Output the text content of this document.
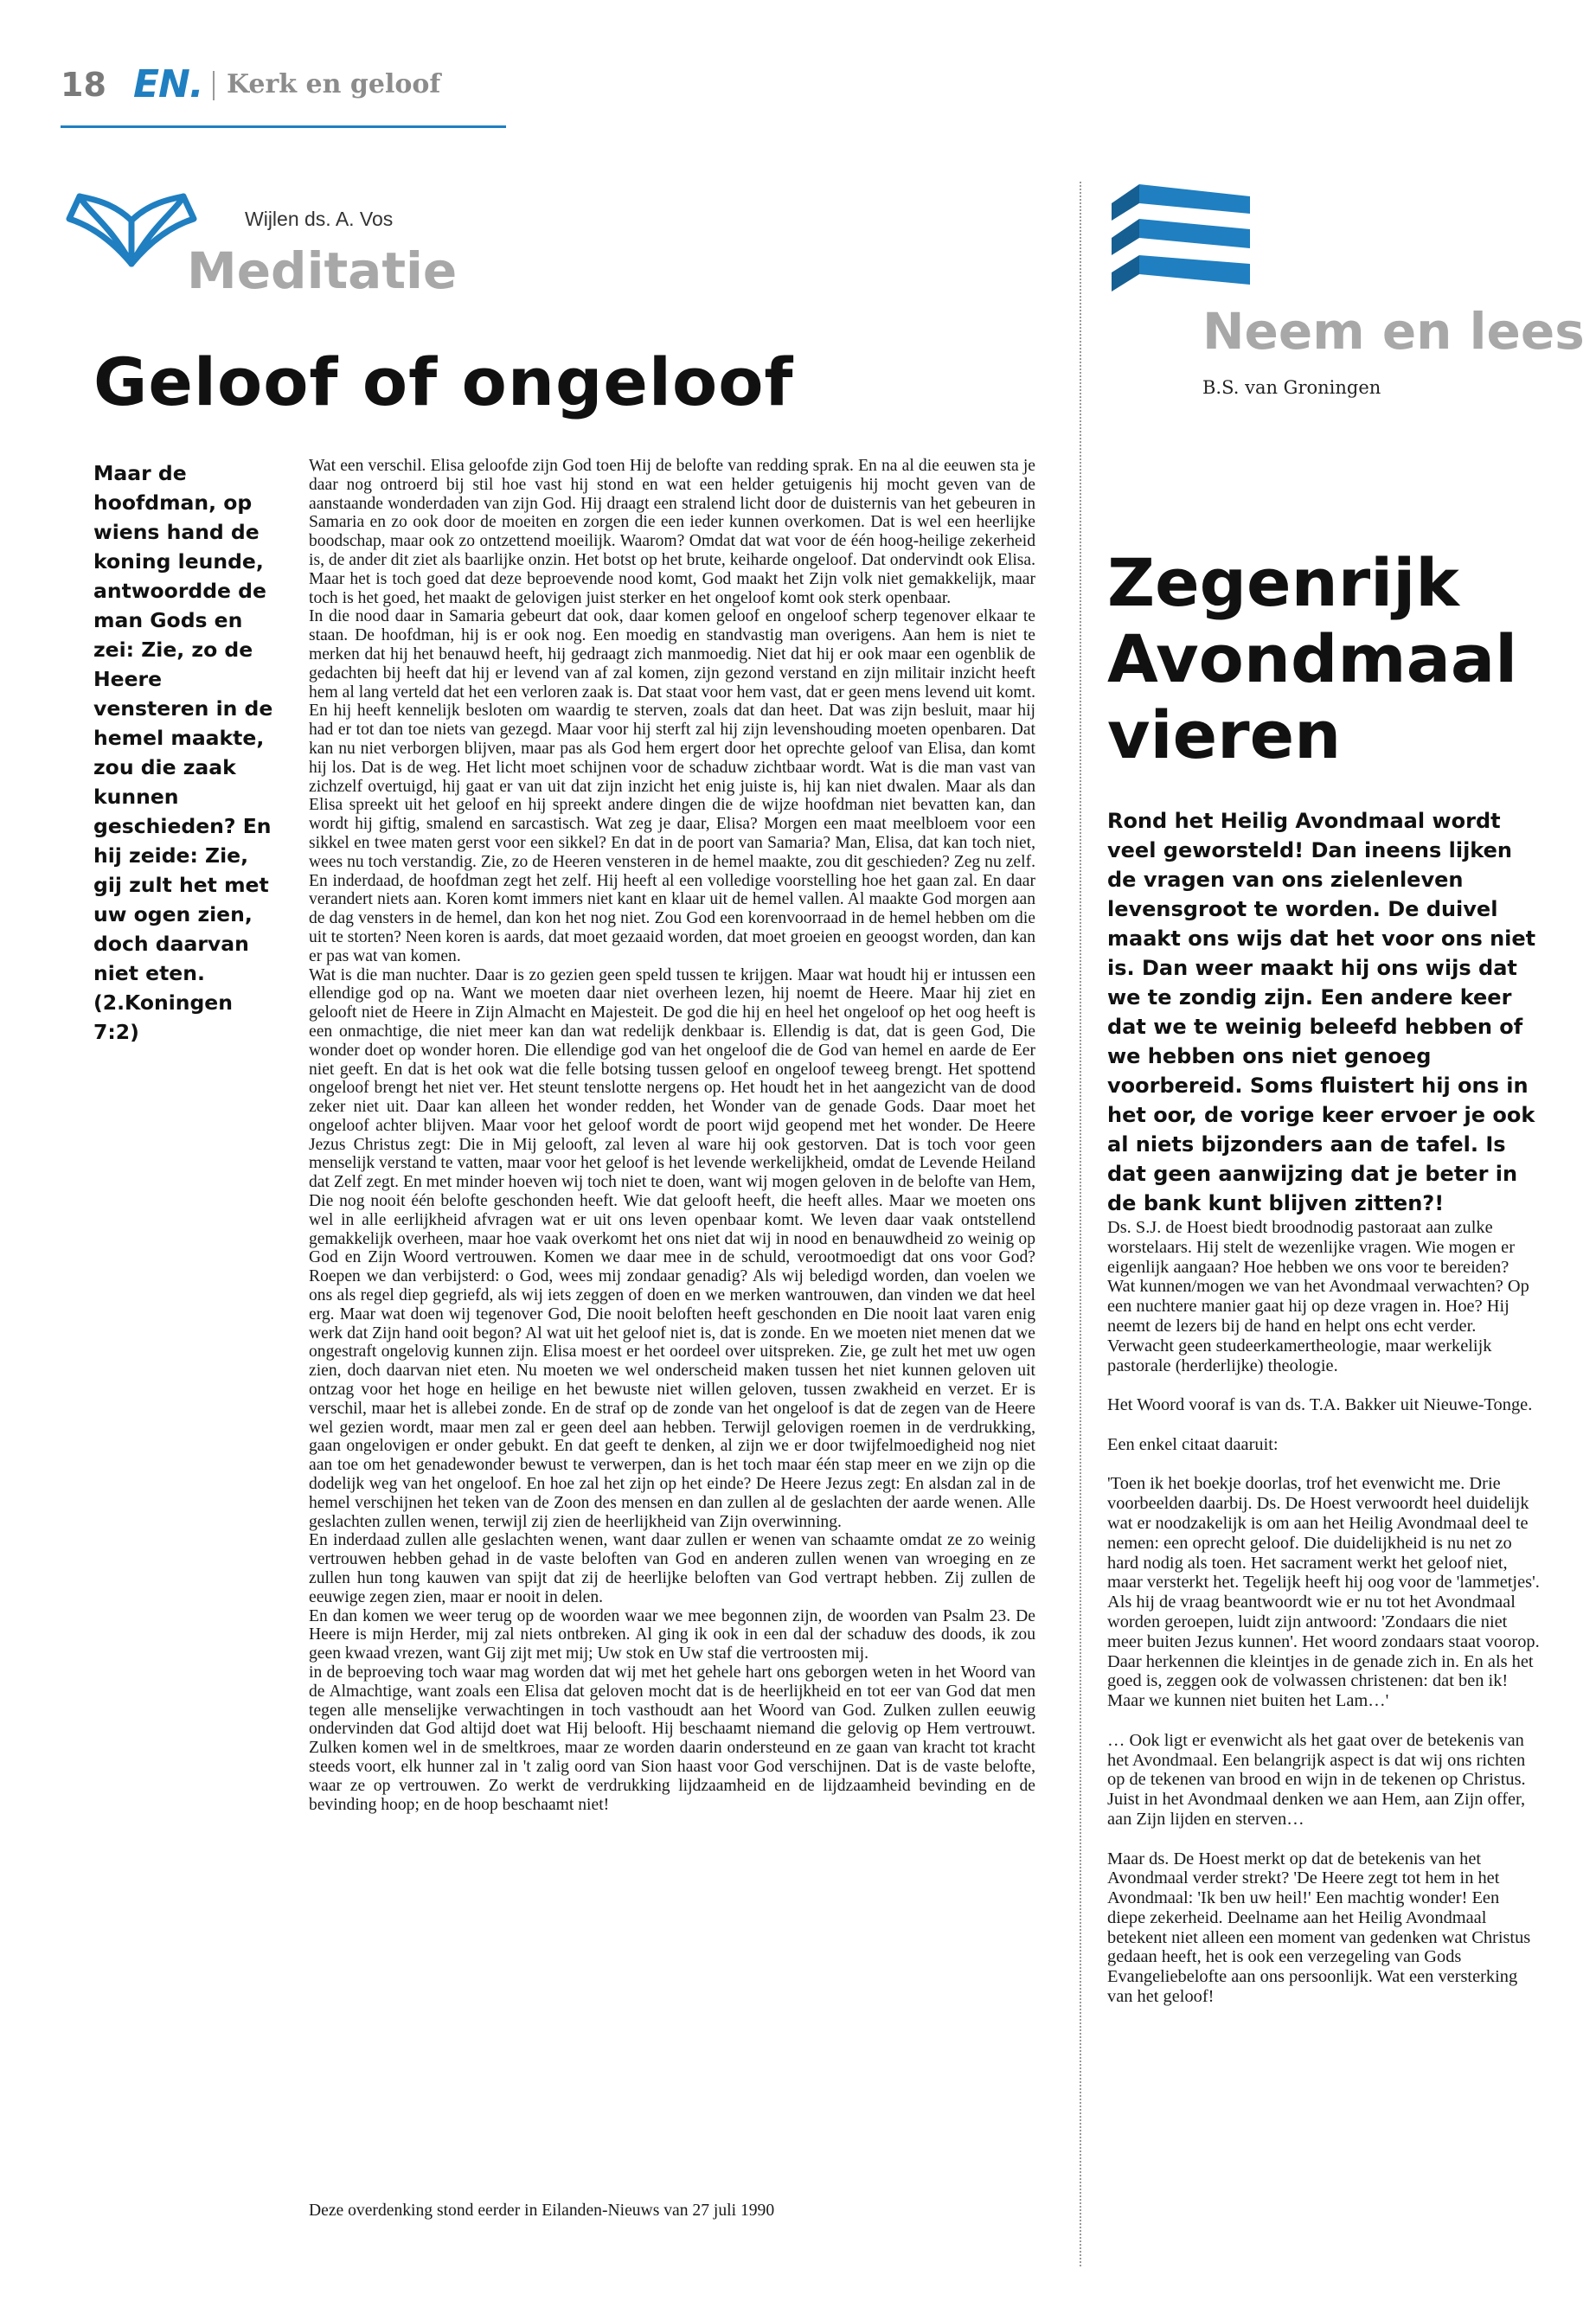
18 EN. Kerk en geloof
Wijlen ds. A. Vos
Meditatie
Geloof of ongeloof
Maar de hoofdman, op wiens hand de koning leunde, antwoordde de man Gods en zei: Zie, zo de Heere vensteren in de hemel maakte, zou die zaak kunnen geschieden? En hij zeide: Zie, gij zult het met uw ogen zien, doch daarvan niet eten. (2.Koningen 7:2)

Wat een verschil. Elisa geloofde zijn God toen Hij de belofte van redding sprak. En na al die eeuwen sta je daar nog ontroerd bij stil hoe vast hij stond en wat een helder getuigenis hij mocht geven van de aanstaande wonderdaden van zijn God. Hij draagt een stralend licht door de duisternis van het gebeuren in Samaria en zo ook door de moeiten en zorgen die een ieder kunnen overkomen. Dat is wel een heerlijke boodschap, maar ook zo ontzettend moeilijk. Waarom? Omdat dat wat voor de één hoog-heilige zekerheid is, de ander dit ziet als baarlijke onzin. Het botst op het brute, keiharde ongeloof. Dat ondervindt ook Elisa. Maar het is toch goed dat deze beproevende nood komt, God maakt het Zijn volk niet gemakkelijk, maar toch is het goed, het maakt de gelovigen juist sterker en het ongeloof komt ook sterk openbaar.

In die nood daar in Samaria gebeurt dat ook, daar komen geloof en ongeloof scherp tegenover elkaar te staan. De hoofdman, hij is er ook nog. Een moedig en standvastig man overigens. Aan hem is niet te merken dat hij het benauwd heeft, hij gedraagt zich manmoedig. Niet dat hij er ook maar een ogenblik de gedachten bij heeft dat hij er levend van af zal komen, zijn gezond verstand en zijn militair inzicht heeft hem al lang verteld dat het een verloren zaak is. Dat staat voor hem vast, dat er geen mens levend uit komt. En hij heeft kennelijk besloten om waardig te sterven, zoals dat dan heet. Dat was zijn besluit, maar hij had er tot dan toe niets van gezegd. Maar voor hij sterft zal hij zijn levenshouding moeten openbaren. Dat kan nu niet verborgen blijven, maar pas als God hem ergert door het oprechte geloof van Elisa, dan komt hij los. Dat is de weg. Het licht moet schijnen voor de schaduw zichtbaar wordt. Wat is die man vast van zichzelf overtuigd, hij gaat er van uit dat zijn inzicht het enig juiste is, hij kan niet dwalen. Maar als dan Elisa spreekt uit het geloof en hij spreekt andere dingen die de wijze hoofdman niet bevatten kan, dan wordt hij giftig, smalend en sarcastisch. Wat zeg je daar, Elisa? Morgen een maat meelbloem voor een sikkel en twee maten gerst voor een sikkel? En dat in de poort van Samaria? Man, Elisa, dat kan toch niet, wees nu toch verstandig. Zie, zo de Heeren vensteren in de hemel maakte, zou dit geschieden? Zeg nu zelf. En inderdaad, de hoofdman zegt het zelf. Hij heeft al een volledige voorstelling hoe het gaan zal. En daar verandert niets aan. Koren komt immers niet kant en klaar uit de hemel vallen. Al maakte God morgen aan de dag vensters in de hemel, dan kon het nog niet. Zou God een korenvoorraad in de hemel hebben om die uit te storten? Neen koren is aards, dat moet gezaaid worden, dat moet groeien en geoogst worden, dan kan er pas wat van komen.

Wat is die man nuchter. Daar is zo gezien geen speld tussen te krijgen. Maar wat houdt hij er intussen een ellendige god op na. Want we moeten daar niet overheen lezen, hij noemt de Heere. Maar hij ziet en gelooft niet de Heere in Zijn Almacht en Majesteit. De god die hij en heel het ongeloof op het oog heeft is een onmachtige, die niet meer kan dan wat redelijk denkbaar is. Ellendig is dat, dat is geen God, Die wonder doet op wonder horen. Die ellendige god van het ongeloof die de God van hemel en aarde de Eer niet geeft. En dat is het ook wat die felle botsing tussen geloof en ongeloof teweeg brengt. Het spottend ongeloof brengt het niet ver. Het steunt tenslotte nergens op. Het houdt het in het aangezicht van de dood zeker niet uit. Daar kan alleen het wonder redden, het Wonder van de genade Gods. Daar moet het ongeloof achter blijven. Maar voor het geloof wordt de poort wijd geopend met het wonder. De Heere Jezus Christus zegt: Die in Mij gelooft, zal leven al ware hij ook gestorven. Dat is toch voor geen menselijk verstand te vatten, maar voor het geloof is het levende werkelijkheid, omdat de Levende Heiland dat Zelf zegt. En met minder hoeven wij toch niet te doen, want wij mogen geloven in de belofte van Hem, Die nog nooit één belofte geschonden heeft. Wie dat gelooft heeft, die heeft alles. Maar we moeten ons wel in alle eerlijkheid afvragen wat er uit ons leven openbaar komt. We leven daar vaak ontstellend gemakkelijk overheen, maar hoe vaak overkomt het ons niet dat wij in nood en benauwdheid zo weinig op God en Zijn Woord vertrouwen. Komen we daar mee in de schuld, verootmoedigt dat ons voor God? Roepen we dan verbijsterd: o God, wees mij zondaar genadig? Als wij beledigd worden, dan voelen we ons als regel diep gegriefd, als wij iets zeggen of doen en we merken wantrouwen, dan vinden we dat heel erg. Maar wat doen wij tegenover God, Die nooit beloften heeft geschonden en Die nooit laat varen enig werk dat Zijn hand ooit begon? Al wat uit het geloof niet is, dat is zonde. En we moeten niet menen dat we ongestraft ongelovig kunnen zijn. Elisa moest er het oordeel over uitspreken. Zie, ge zult het met uw ogen zien, doch daarvan niet eten. Nu moeten we wel onderscheid maken tussen het niet kunnen geloven uit ontzag voor het hoge en heilige en het bewuste niet willen geloven, tussen zwakheid en verzet. Er is verschil, maar het is allebei zonde. En de straf op de zonde van het ongeloof is dat de zegen van de Heere wel gezien wordt, maar men zal er geen deel aan hebben. Terwijl gelovigen roemen in de verdrukking, gaan ongelovigen er onder gebukt. En dat geeft te denken, al zijn we er door twijfelmoedigheid nog niet aan toe om het genadewonder bewust te verwerpen, dan is het toch maar één stap meer en we zijn op die dodelijk weg van het ongeloof. En hoe zal het zijn op het einde? De Heere Jezus zegt: En alsdan zal in de hemel verschijnen het teken van de Zoon des mensen en dan zullen al de geslachten der aarde wenen. Alle geslachten zullen wenen, terwijl zij zien de heerlijkheid van Zijn overwinning.

En inderdaad zullen alle geslachten wenen, want daar zullen er wenen van schaamte omdat ze zo weinig vertrouwen hebben gehad in de vaste beloften van God en anderen zullen wenen van wroeging en ze zullen hun tong kauwen van spijt dat zij de heerlijke beloften van God vertrapt hebben. Zij zullen de eeuwige zegen zien, maar er nooit in delen.

En dan komen we weer terug op de woorden waar we mee begonnen zijn, de woorden van Psalm 23. De Heere is mijn Herder, mij zal niets ontbreken. Al ging ik ook in een dal der schaduw des doods, ik zou geen kwaad vrezen, want Gij zijt met mij; Uw stok en Uw staf die vertroosten mij.

in de beproeving toch waar mag worden dat wij met het gehele hart ons geborgen weten in het Woord van de Almachtige, want zoals een Elisa dat geloven mocht dat is de heerlijkheid en tot eer van God dat men tegen alle menselijke verwachtingen in toch vasthoudt aan het Woord van God. Zulken zullen eeuwig ondervinden dat God altijd doet wat Hij belooft. Hij beschaamt niemand die gelovig op Hem vertrouwt. Zulken komen wel in de smeltkroes, maar ze worden daarin ondersteund en ze gaan van kracht tot kracht steeds voort, elk hunner zal in 't zalig oord van Sion haast voor God verschijnen. Dat is de vaste belofte, waar ze op vertrouwen. Zo werkt de verdrukking lijdzaamheid en de lijdzaamheid bevinding en de bevinding hoop; en de hoop beschaamt niet!

Deze overdenking stond eerder in Eilanden-Nieuws van 27 juli 1990
Neem en lees
B.S. van Groningen
Zegenrijk
Avondmaal
vieren
Rond het Heilig Avondmaal wordt veel geworsteld! Dan ineens lijken de vragen van ons zielenleven levensgroot te worden. De duivel maakt ons wijs dat het voor ons niet is. Dan weer maakt hij ons wijs dat we te zondig zijn. Een andere keer dat we te weinig beleefd hebben of we hebben ons niet genoeg voorbereid. Soms fluistert hij ons in het oor, de vorige keer ervoer je ook al niets bijzonders aan de tafel. Is dat geen aanwijzing dat je beter in de bank kunt blijven zitten?!

Ds. S.J. de Hoest biedt broodnodig pastoraat aan zulke worstelaars. Hij stelt de wezenlijke vragen. Wie mogen er eigenlijk aangaan? Hoe hebben we ons voor te bereiden? Wat kunnen/mogen we van het Avondmaal verwachten? Op een nuchtere manier gaat hij op deze vragen in. Hoe? Hij neemt de lezers bij de hand en helpt ons echt verder. Verwacht geen studeerkamertheologie, maar werkelijk pastorale (herderlijke) theologie.

Het Woord vooraf is van ds. T.A. Bakker uit Nieuwe-Tonge.

Een enkel citaat daaruit:

'Toen ik het boekje doorlas, trof het evenwicht me. Drie voorbeelden daarbij. Ds. De Hoest verwoordt heel duidelijk wat er noodzakelijk is om aan het Heilig Avondmaal deel te nemen: een oprecht geloof. Die duidelijkheid is nu net zo hard nodig als toen. Het sacrament werkt het geloof niet, maar versterkt het. Tegelijk heeft hij oog voor de 'lammetjes'. Als hij de vraag beantwoordt wie er nu tot het Avondmaal worden geroepen, luidt zijn antwoord: 'Zondaars die niet meer buiten Jezus kunnen'. Het woord zondaars staat voorop. Daar herkennen die kleintjes in de genade zich in. En als het goed is, zeggen ook de volwassen christenen: dat ben ik! Maar we kunnen niet buiten het Lam…'

… Ook ligt er evenwicht als het gaat over de betekenis van het Avondmaal. Een belangrijk aspect is dat wij ons richten op de tekenen van brood en wijn in de tekenen op Christus. Juist in het Avondmaal denken we aan Hem, aan Zijn offer, aan Zijn lijden en sterven…

Maar ds. De Hoest merkt op dat de betekenis van het Avondmaal verder strekt? 'De Heere zegt tot hem in het Avondmaal: 'Ik ben uw heil!' Een machtig wonder! Een diepe zekerheid. Deelname aan het Heilig Avondmaal betekent niet alleen een moment van gedenken wat Christus gedaan heeft, het is ook een verzegeling van Gods Evangeliebelofte aan ons persoonlijk. Wat een versterking van het geloof!
